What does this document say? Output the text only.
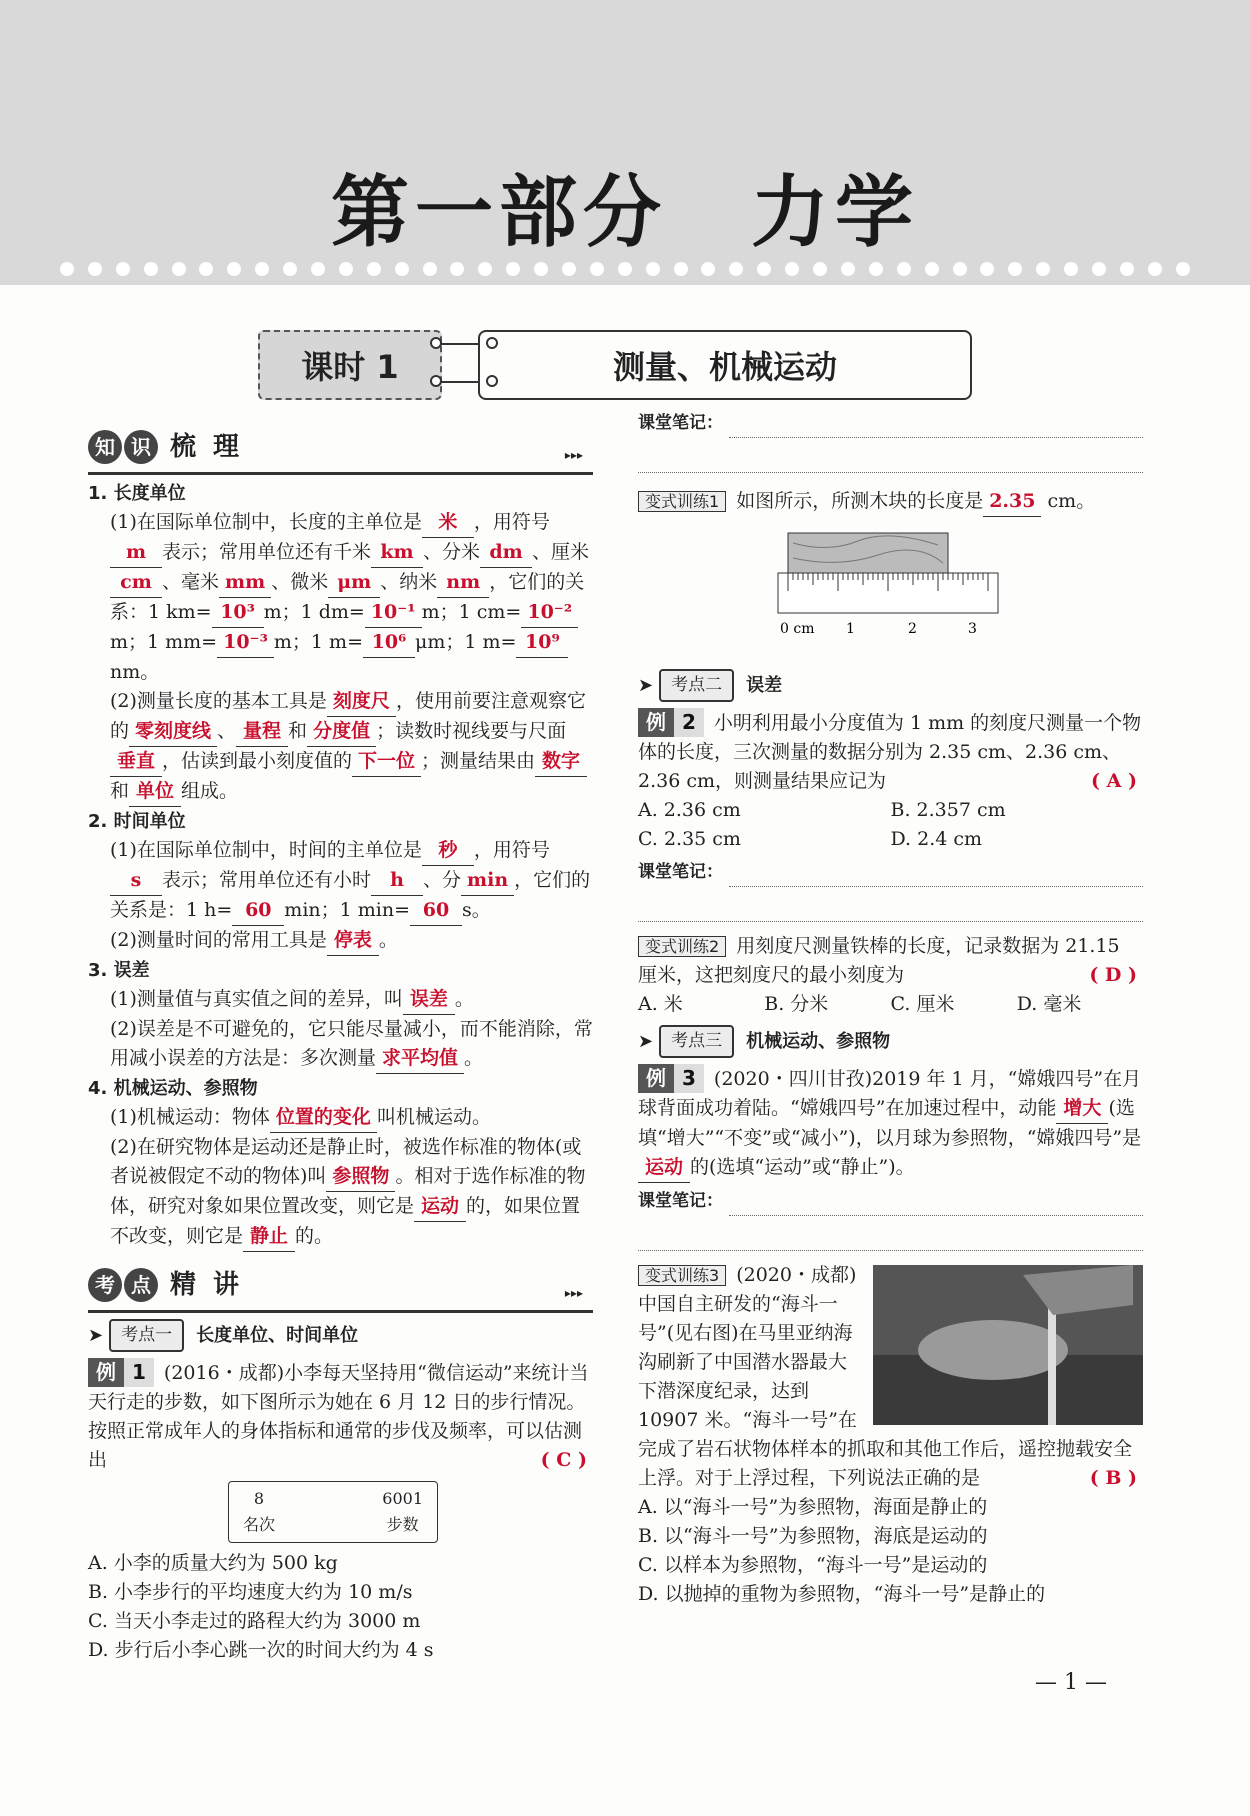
第一部分　力学
课时 1	测量、机械运动
知 识 梳 理	▸▸▸

1. 长度单位

(1)在国际单位制中，长度的主单位是 米 ，用符号m 表示；常用单位还有千米 km 、分米 dm 、厘米cm 、毫米 mm 、微米 μm 、纳米 nm ，它们的关系：1 km= 10³ m；1 dm= 10⁻¹ m；1 cm= 10⁻²m；1 mm= 10⁻³ m；1 m= 10⁶ μm；1 m= 10⁹nm。

(2)测量长度的基本工具是 刻度尺 ，使用前要注意观察它的 零刻度线 、 量程 和 分度值 ；读数时视线要与尺面垂直 ，估读到最小刻度值的 下一位 ；测量结果由 数字和 单位 组成。

2. 时间单位

(1)在国际单位制中，时间的主单位是 秒 ，用符号s 表示；常用单位还有小时 h 、分 min ，它们的关系是：1 h= 60 min；1 min= 60 s。

(2)测量时间的常用工具是 停表 。

3. 误差

(1)测量值与真实值之间的差异，叫 误差 。

(2)误差是不可避免的，它只能尽量减小，而不能消除，常用减小误差的方法是：多次测量 求平均值 。

4. 机械运动、参照物

(1)机械运动：物体 位置的变化 叫机械运动。

(2)在研究物体是运动还是静止时，被选作标准的物体(或者说被假定不动的物体)叫 参照物 。相对于选作标准的物体，研究对象如果位置改变，则它是 运动 的，如果位置不改变，则它是 静止 的。

考 点 精 讲	▸▸▸
➤	考点一	长度单位、时间单位

例 1 (2016・成都)小李每天坚持用“微信运动”来统计当天行走的步数，如下图所示为她在 6 月 12 日的步行情况。按照正常成年人的身体指标和通常的步伐及频率，可以估测出	( C )

8
名次
6001
步数

A. 小李的质量大约为 500 kg

B. 小李步行的平均速度大约为 10 m/s

C. 当天小李走过的路程大约为 3000 m

D. 步行后小李心跳一次的时间大约为 4 s

课堂笔记：

变式训练1 如图所示，所测木块的长度是 2.35 cm。

0 cm 1	2	3
➤	考点二	误差

例 2 小明利用最小分度值为 1 mm 的刻度尺测量一个物体的长度，三次测量的数据分别为 2.35 cm、2.36 cm、2.36 cm，则测量结果应记为	( A )

A. 2.36 cm	B. 2.357 cm
C. 2.35 cm	D. 2.4 cm
课堂笔记：

变式训练2 用刻度尺测量铁棒的长度，记录数据为 21.15 厘米，这把刻度尺的最小刻度为	( D )

A. 米	B. 分米	C. 厘米	D. 毫米
➤	考点三	机械运动、参照物

例 3 (2020・四川甘孜)2019 年 1 月，“嫦娥四号”在月球背面成功着陆。“嫦娥四号”在加速过程中，动能 增大 (选填“增大”“不变”或“减小”)，以月球为参照物，“嫦娥四号”是运动 的(选填“运动”或“静止”)。

课堂笔记：

变式训练3 (2020・成都)中国自主研发的“海斗一号”(见右图)在马里亚纳海沟刷新了中国潜水器最大下潜深度纪录，达到 10907 米。“海斗一号”在完成了岩石状物体样本的抓取和其他工作后，遥控抛载安全上浮。对于上浮过程，下列说法正确的是	( B )

A. 以“海斗一号”为参照物，海面是静止的

B. 以“海斗一号”为参照物，海底是运动的

C. 以样本为参照物，“海斗一号”是运动的

D. 以抛掉的重物为参照物，“海斗一号”是静止的

— 1 —
